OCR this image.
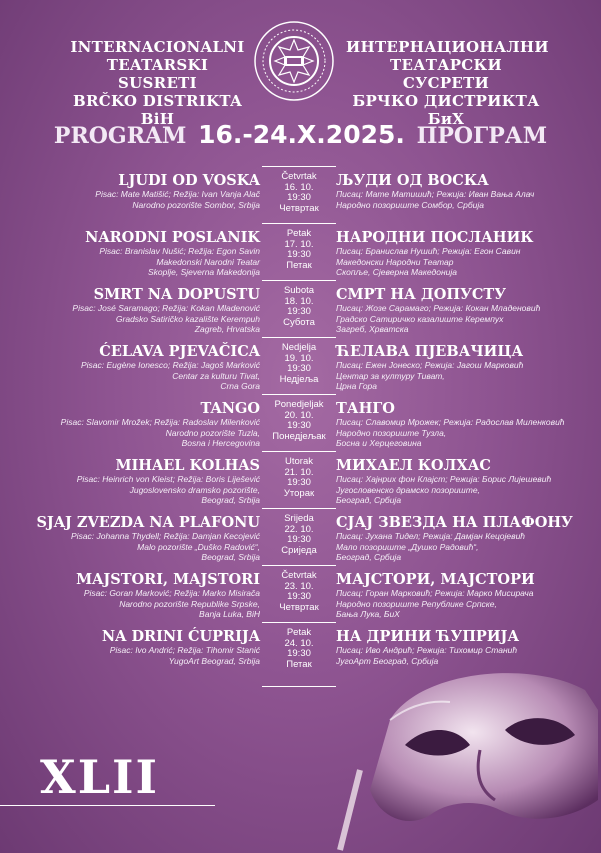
INTERNACIONALNI
TEATARSKI SUSRETI
BRČKO DISTRIKTA BiH
ИНТЕРНАЦИОНАЛНИ
ТЕАТАРСКИ СУСРЕТИ
БРЧКО ДИСТРИКТА БиХ
PROGRAM 16.-24.X.2025. ПРОГРАМ
LJUDI OD VOSKA
Pisac: Mate Matišić; Režija: Ivan Vanja Alač
Narodno pozorište Sombor, Srbija
Četvrtak
16. 10.
19:30
Четвртак
ЉУДИ ОД ВОСКА
Писац: Мате Матишић; Режија: Иван Вања Алач
Народно позориште Сомбор, Србија
NARODNI POSLANIK
Pisac: Branislav Nušić; Režija: Egon Savin
Makedonski Narodni Teatar
Skoplje, Sjeverna Makedonija
Petak
17. 10.
19:30
Петак
НАРОДНИ ПОСЛАНИК
Писац: Бранислав Нушић; Режија: Егон Савин
Македонски Народни Театар
Скопље, Сјеверна Македонија
SMRT NA DOPUSTU
Pisac: José Saramago; Režija: Kokan Mladenović
Gradsko Satiričko kazalište Kerempuh
Zagreb, Hrvatska
Subota
18. 10.
19:30
Субота
СМРТ НА ДОПУСТУ
Писац: Жозе Сарамаго; Режија: Кокан Младеновић
Градско Сатиричко казалиште Керемпух
Загреб, Хрватска
ĆELAVA PJEVAČICA
Pisac: Eugène Ionesco; Režija: Jagoš Marković
Centar za kulturu Tivat,
Crna Gora
Nedjelja
19. 10.
19:30
Недјеља
ЋЕЛАВА ПЈЕВАЧИЦА
Писац: Ежен Јонеско; Режија: Јагош Марковић
Центар за културу Тиват,
Црна Гора
TANGO
Pisac: Slavomir Mrožek; Režija: Radoslav Milenković
Narodno pozorište Tuzla,
Bosna i Hercegovina
Ponedjeljak
20. 10.
19:30
Понедјељак
ТАНГО
Писац: Славомир Мрожек; Режија: Радослав Миленковић
Народно позориште Тузла,
Босна и Херцеговина
MIHAEL KOLHAS
Pisac: Heinrich von Kleist; Režija: Boris Liješević
Jugoslovensko dramsko pozorište,
Beograd, Srbija
Utorak
21. 10.
19:30
Уторак
МИХАЕЛ КОЛХАС
Писац: Хајнрих фон Клајст; Режија: Борис Лијешевић
Југословенско драмско позориште,
Београд, Србија
SJAJ ZVEZDA NA PLAFONU
Pisac: Johanna Thydell; Režija: Damjan Kecojević
Malo pozorište „Duško Radović“,
Beograd, Srbija
Srijeda
22. 10.
19:30
Сриједа
СЈАЈ ЗВЕЗДА НА ПЛАФОНУ
Писац: Јухана Тидел; Режија: Дамјан Кецојевић
Мало позориште „Душко Радовић“,
Београд, Србија
MAJSTORI, MAJSTORI
Pisac: Goran Marković; Režija: Marko Misirača
Narodno pozorište Republike Srpske,
Banja Luka, BiH
Četvrtak
23. 10.
19:30
Четвртак
МАЈСТОРИ, МАЈСТОРИ
Писац: Горан Марковић; Режија: Марко Мисирача
Народно позориште Републике Српске,
Бања Лука, БиХ
NA DRINI ĆUPRIJA
Pisac: Ivo Andrić; Režija: Tihomir Stanić
YugoArt Beograd, Srbija
Petak
24. 10.
19:30
Петак
НА ДРИНИ ЋУПРИЈА
Писац: Иво Андрић; Режија: Тихомир Станић
ЈугоАрт Београд, Србија
XLII
